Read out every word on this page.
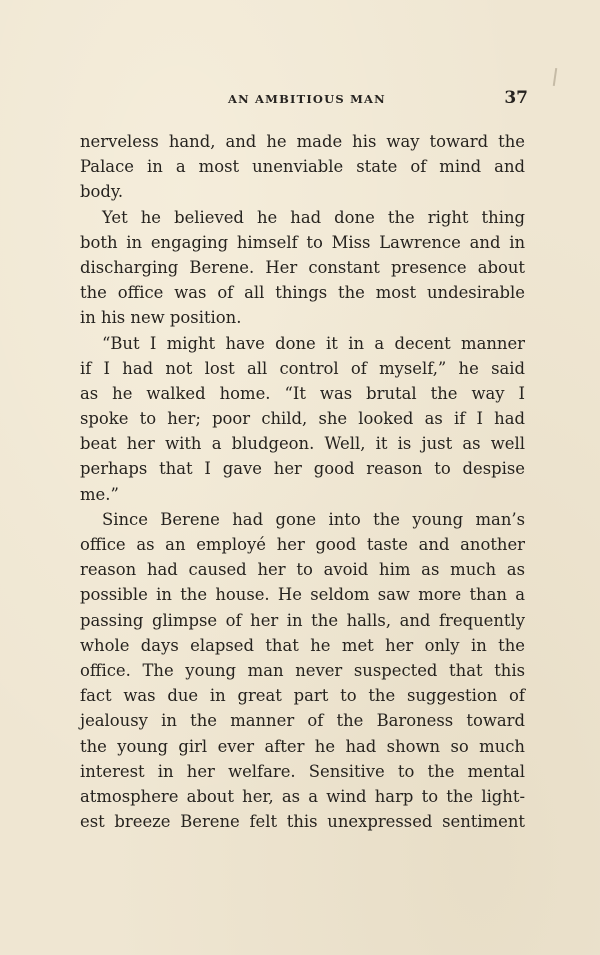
AN AMBITIOUS MAN	37
nerveless hand, and he made his way toward the
Palace in a most unenviable state of mind and
body.
Yet he believed he had done the right thing
both in engaging himself to Miss Lawrence and in
discharging Berene. Her constant presence about
the office was of all things the most undesirable
in his new position.
“But I might have done it in a decent manner
if I had not lost all control of myself,” he said
as he walked home. “It was brutal the way I
spoke to her; poor child, she looked as if I had
beat her with a bludgeon. Well, it is just as well
perhaps that I gave her good reason to despise
me.”
Since Berene had gone into the young man’s
office as an employé her good taste and another
reason had caused her to avoid him as much as
possible in the house. He seldom saw more than a
passing glimpse of her in the halls, and frequently
whole days elapsed that he met her only in the
office. The young man never suspected that this
fact was due in great part to the suggestion of
jealousy in the manner of the Baroness toward
the young girl ever after he had shown so much
interest in her welfare. Sensitive to the mental
atmosphere about her, as a wind harp to the light-
est breeze Berene felt this unexpressed sentiment
